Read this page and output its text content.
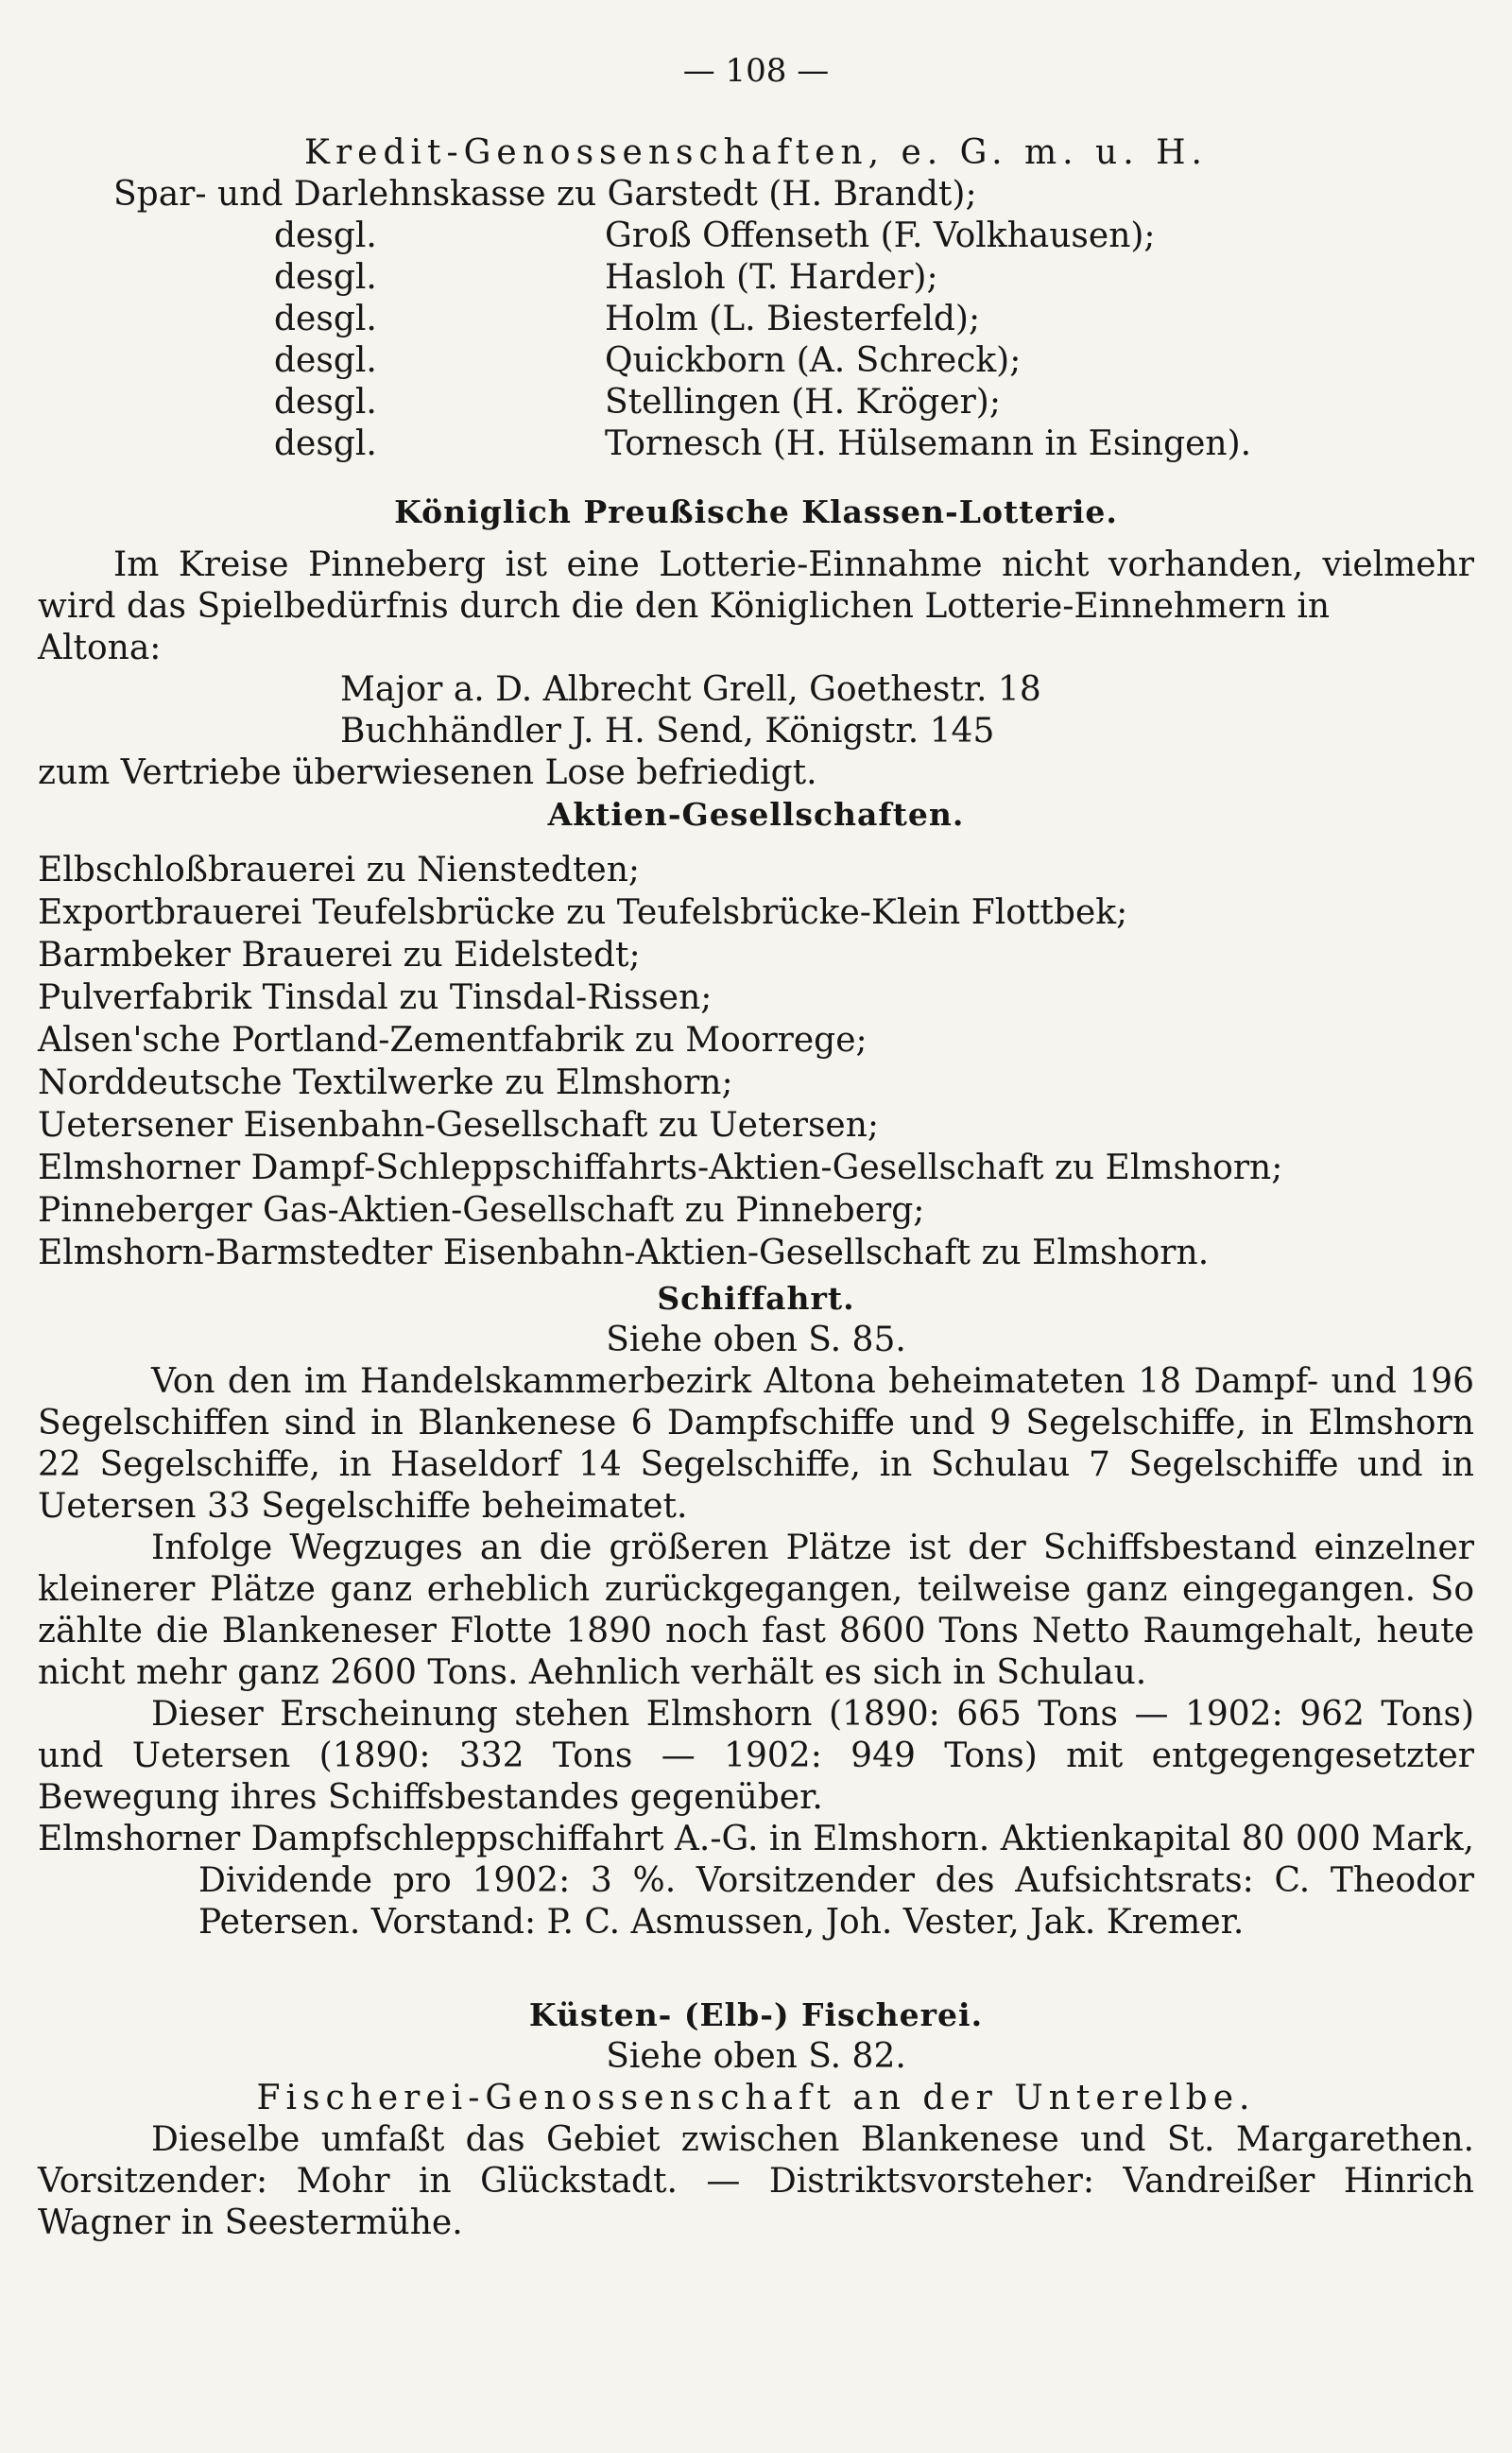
— 108 —

Kredit-Genossenschaften, e. G. m. u. H.

Spar- und Darlehnskasse zu Garstedt (H. Brandt);

desgl.	Groß Offenseth (F. Volkhausen);
desgl.	Hasloh (T. Harder);
desgl.	Holm (L. Biesterfeld);
desgl.	Quickborn (A. Schreck);
desgl.	Stellingen (H. Kröger);
desgl.	Tornesch (H. Hülsemann in Esingen).

Königlich Preußische Klassen-Lotterie.

Im Kreise Pinneberg ist eine Lotterie-Einnahme nicht vorhanden, vielmehr wird das Spielbedürfnis durch die den Königlichen Lotterie-Einnehmern in

Altona:

Major a. D. Albrecht Grell, Goethestr. 18

Buchhändler J. H. Send, Königstr. 145

zum Vertriebe überwiesenen Lose befriedigt.

Aktien-Gesellschaften.

Elbschloßbrauerei zu Nienstedten;

Exportbrauerei Teufelsbrücke zu Teufelsbrücke-Klein Flottbek;

Barmbeker Brauerei zu Eidelstedt;

Pulverfabrik Tinsdal zu Tinsdal-Rissen;

Alsen'sche Portland-Zementfabrik zu Moorrege;

Norddeutsche Textilwerke zu Elmshorn;

Uetersener Eisenbahn-Gesellschaft zu Uetersen;

Elmshorner Dampf-Schleppschiffahrts-Aktien-Gesellschaft zu Elmshorn;

Pinneberger Gas-Aktien-Gesellschaft zu Pinneberg;

Elmshorn-Barmstedter Eisenbahn-Aktien-Gesellschaft zu Elmshorn.

Schiffahrt.

Siehe oben S. 85.

Von den im Handelskammerbezirk Altona beheimateten 18 Dampf- und 196 Segelschiffen sind in Blankenese 6 Dampfschiffe und 9 Segelschiffe, in Elmshorn 22 Segelschiffe, in Haseldorf 14 Segelschiffe, in Schulau 7 Segelschiffe und in Uetersen 33 Segelschiffe beheimatet.

Infolge Wegzuges an die größeren Plätze ist der Schiffsbestand einzelner kleinerer Plätze ganz erheblich zurückgegangen, teilweise ganz eingegangen. So zählte die Blankeneser Flotte 1890 noch fast 8600 Tons Netto Raumgehalt, heute nicht mehr ganz 2600 Tons. Aehnlich verhält es sich in Schulau.

Dieser Erscheinung stehen Elmshorn (1890: 665 Tons — 1902: 962 Tons) und Uetersen (1890: 332 Tons — 1902: 949 Tons) mit entgegengesetzter Bewegung ihres Schiffsbestandes gegenüber.

Elmshorner Dampfschleppschiffahrt A.-G. in Elmshorn. Aktienkapital 80 000 Mark, Dividende pro 1902: 3 %. Vorsitzender des Aufsichtsrats: C. Theodor Petersen. Vorstand: P. C. Asmussen, Joh. Vester, Jak. Kremer.

Küsten- (Elb-) Fischerei.

Siehe oben S. 82.

Fischerei-Genossenschaft an der Unterelbe.

Dieselbe umfaßt das Gebiet zwischen Blankenese und St. Margarethen. Vorsitzender: Mohr in Glückstadt. — Distriktsvorsteher: Vandreißer Hinrich Wagner in Seestermühe.
